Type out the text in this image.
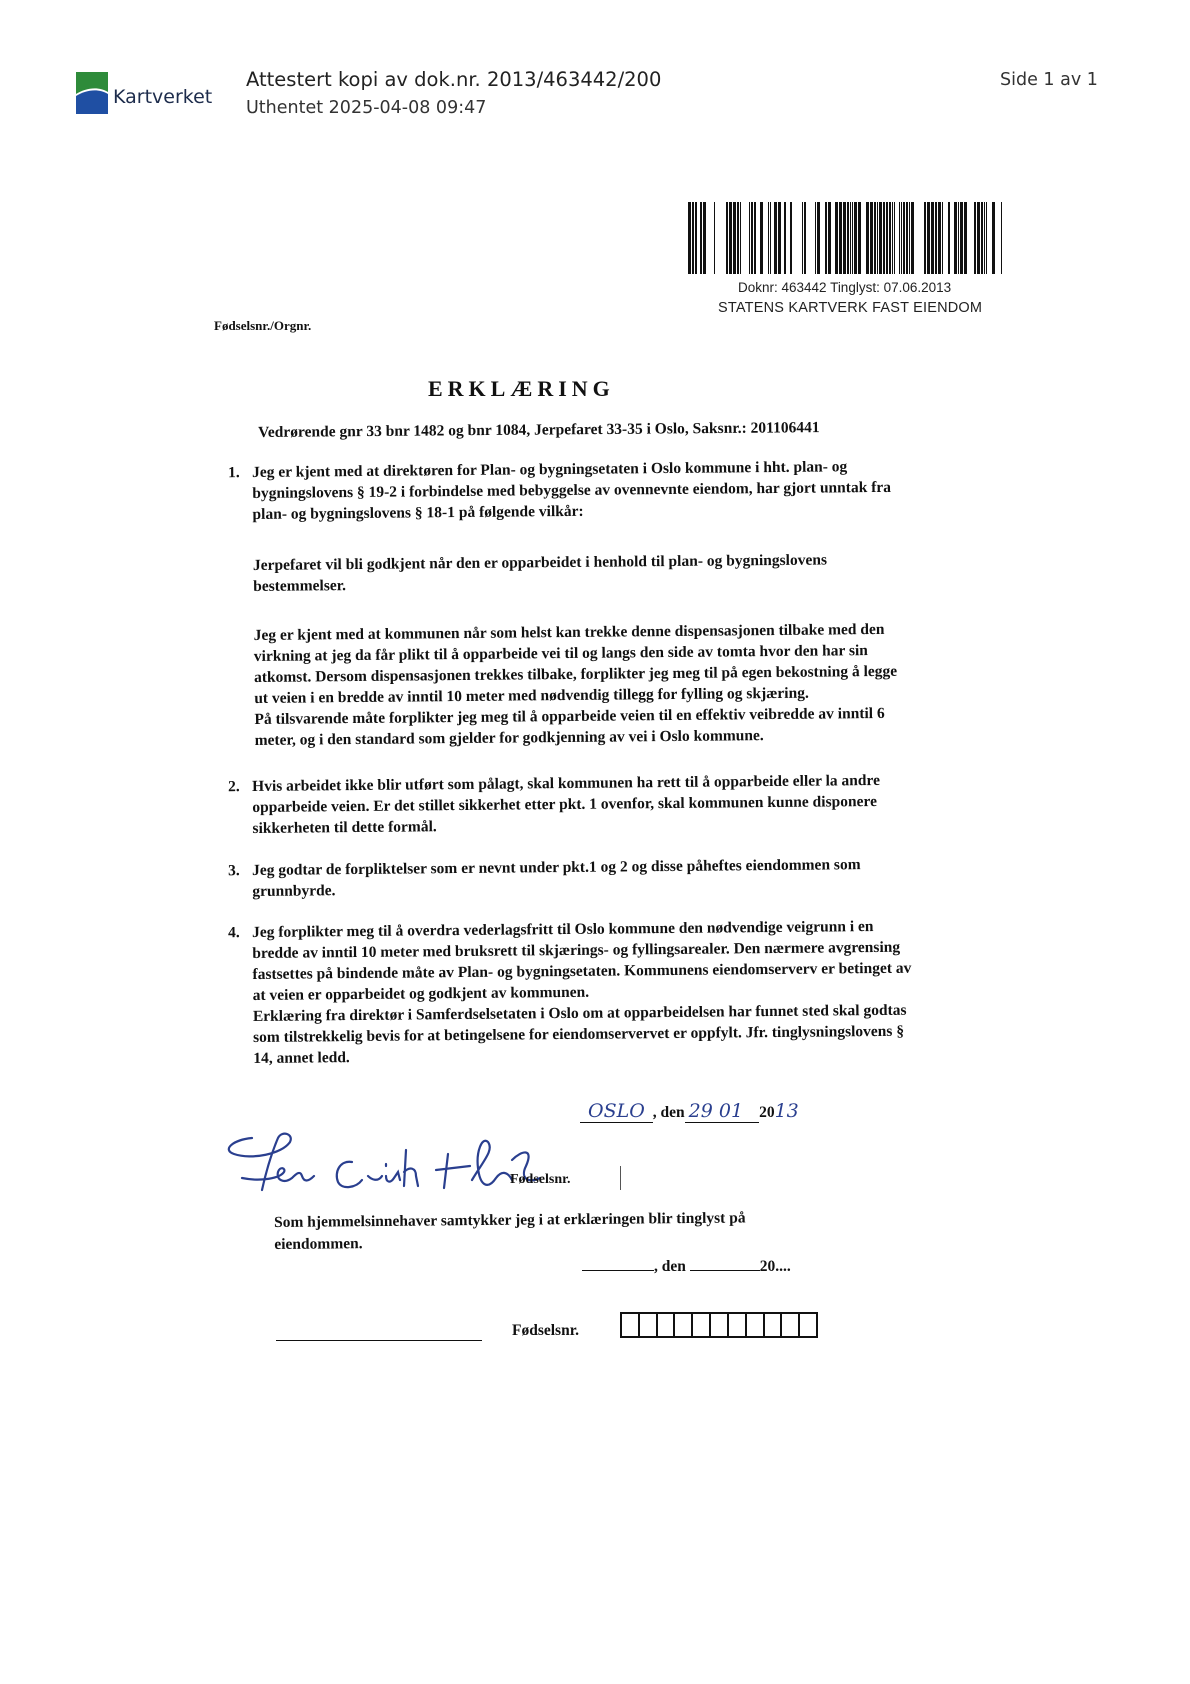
Kartverket
Attestert kopi av dok.nr. 2013/463442/200
Uthentet 2025-04-08 09:47
Side 1 av 1
Doknr: 463442 Tinglyst: 07.06.2013
STATENS KARTVERK FAST EIENDOM
Fødselsnr./Orgnr.
ERKLÆRING
Vedrørende gnr 33 bnr 1482 og bnr 1084, Jerpefaret 33-35 i Oslo, Saksnr.: 201106441
1. Jeg er kjent med at direktøren for Plan- og bygningsetaten i Oslo kommune i hht. plan- og bygningslovens § 19-2 i forbindelse med bebyggelse av ovennevnte eiendom, har gjort unntak fra plan- og bygningslovens § 18-1 på følgende vilkår:
Jerpefaret vil bli godkjent når den er opparbeidet i henhold til plan- og bygningslovens bestemmelser.
Jeg er kjent med at kommunen når som helst kan trekke denne dispensasjonen tilbake med den virkning at jeg da får plikt til å opparbeide vei til og langs den side av tomta hvor den har sin atkomst. Dersom dispensasjonen trekkes tilbake, forplikter jeg meg til på egen bekostning å legge ut veien i en bredde av inntil 10 meter med nødvendig tillegg for fylling og skjæring.
På tilsvarende måte forplikter jeg meg til å opparbeide veien til en effektiv veibredde av inntil 6 meter, og i den standard som gjelder for godkjenning av vei i Oslo kommune.
2. Hvis arbeidet ikke blir utført som pålagt, skal kommunen ha rett til å opparbeide eller la andre opparbeide veien. Er det stillet sikkerhet etter pkt. 1 ovenfor, skal kommunen kunne disponere sikkerheten til dette formål.
3. Jeg godtar de forpliktelser som er nevnt under pkt.1 og 2 og disse påheftes eiendommen som grunnbyrde.
4. Jeg forplikter meg til å overdra vederlagsfritt til Oslo kommune den nødvendige veigrunn i en bredde av inntil 10 meter med bruksrett til skjærings- og fyllingsarealer. Den nærmere avgrensing fastsettes på bindende måte av Plan- og bygningsetaten. Kommunens eiendomserverv er betinget av at veien er opparbeidet og godkjent av kommunen.
Erklæring fra direktør i Samferdselsetaten i Oslo om at opparbeidelsen har funnet sted skal godtas som tilstrekkelig bevis for at betingelsene for eiendomservervet er oppfylt. Jfr. tinglysningslovens § 14, annet ledd.
OSLO , den 29 01 2013
Fødselsnr.
Som hjemmelsinnehaver samtykker jeg i at erklæringen blir tinglyst på eiendommen.
, den	20....
Fødselsnr.
